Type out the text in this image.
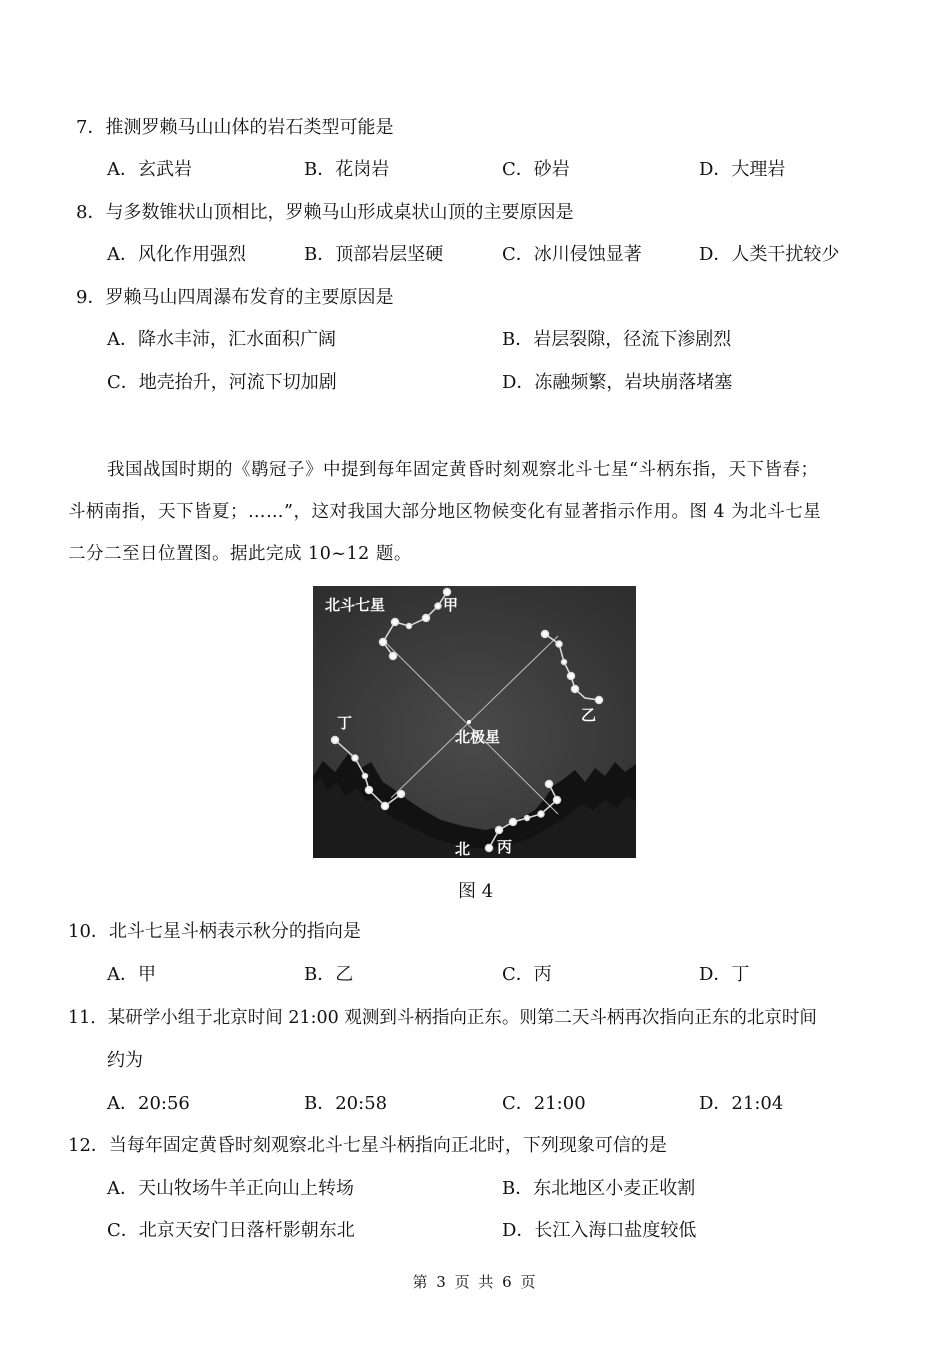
7．推测罗赖马山山体的岩石类型可能是
A．玄武岩	B．花岗岩	C．砂岩	D．大理岩
8．与多数锥状山顶相比，罗赖马山形成桌状山顶的主要原因是
A．风化作用强烈	B．顶部岩层坚硬	C．冰川侵蚀显著	D．人类干扰较少
9．罗赖马山四周瀑布发育的主要原因是
A．降水丰沛，汇水面积广阔	B．岩层裂隙，径流下渗剧烈
C．地壳抬升，河流下切加剧	D．冻融频繁，岩块崩落堵塞
我国战国时期的《鹖冠子》中提到每年固定黄昏时刻观察北斗七星“斗柄东指，天下皆春；
斗柄南指，天下皆夏；……”，这对我国大部分地区物候变化有显著指示作用。图 4 为北斗七星
二分二至日位置图。据此完成 10~12 题。
北斗七星
北极星
甲
乙
丙
丁
北
图 4
10．北斗七星斗柄表示秋分的指向是
A．甲	B．乙	C．丙	D．丁
11．某研学小组于北京时间 21:00 观测到斗柄指向正东。则第二天斗柄再次指向正东的北京时间
约为
A．20:56	B．20:58	C．21:00	D．21:04
12．当每年固定黄昏时刻观察北斗七星斗柄指向正北时，下列现象可信的是
A．天山牧场牛羊正向山上转场	B．东北地区小麦正收割
C．北京天安门日落杆影朝东北	D．长江入海口盐度较低
第 3 页 共 6 页
